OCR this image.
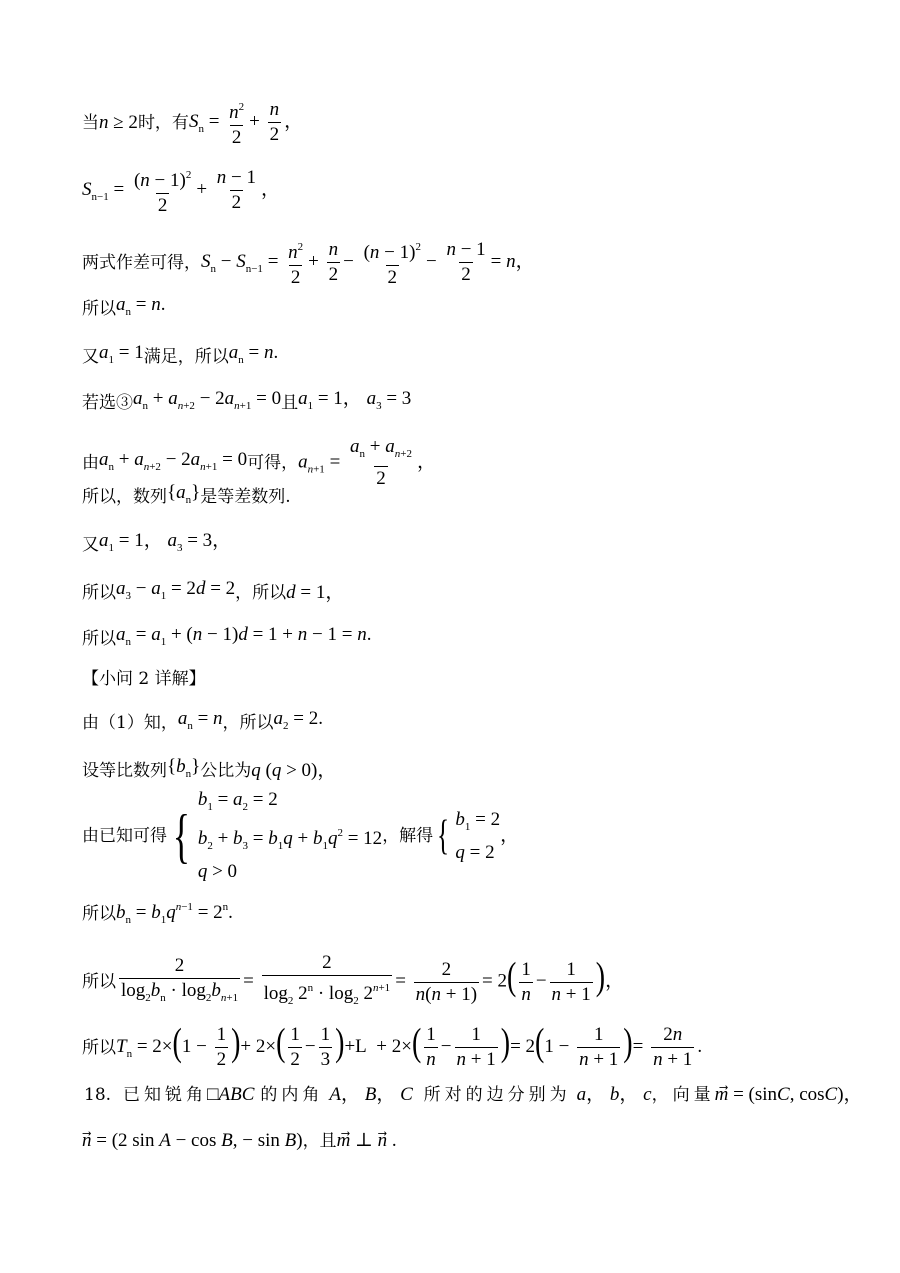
当 n ≥ 2 时，有 $S_n = \frac{n^2}{2} + \frac{n}{2}$ ，
$S_{n-1} = \frac{(n - 1)^2}{2} + \frac{n - 1}{2}$ ，
两式作差可得， $S_n - S_{n-1} = \frac{n^2}{2} + \frac{n}{2} - \frac{(n - 1)^2}{2} - \frac{n - 1}{2} = n$，
所以 $a_n = n$.
又 $a_1 = 1$ 满足，所以 $a_n = n$.
若选③ $a_n + a_{n+2} - 2a_{n+1} = 0$ 且 $a_1 = 1$， $a_3 = 3$
由 $a_n + a_{n+2} - 2a_{n+1} = 0$ 可得， $a_{n+1} = \frac{a_n + a_{n+2}}{2}$ ，
所以，数列 $\{a_n\}$ 是等差数列.
又 $a_1 = 1$， $a_3 = 3$，
所以 $a_3 - a_1 = 2d = 2$ ，所以 d = 1，
所以 $a_n = a_1 + (n - 1)d = 1 + n - 1 = n$.
【小问 2 详解】
由（1）知， $a_n = n$ ，所以 $a_2 = 2$.
设等比数列 $\{b_n\}$ 公比为 q (q > 0)，
由已知可得 {
$b_1 = a_2 = 2$
$b_2 + b_3 = b_1q + b_1q^2 = 12$
q > 0
，解得 { $b_1 = 2$
q = 2
，
所以 $b_n = b_1q^{n-1} = 2^n$.
所以 $\frac{2}{\log_2b_n \cdot \log_2b_{n+1}} = \frac{2}{\log_2 2^n \cdot \log_2 2^{n+1}} = \frac{2}{n(n + 1)} = 2( \frac{1}{n} - \frac{1}{n + 1}$ )，
所以 $T_n = 2\times(1 - \frac{1}{2}$ )+ $2\times( \frac{1}{2} - \frac{1}{3} )+L + 2\times( \frac{1}{n} - \frac{1}{n + 1}$ )= $2(1 - \frac{1}{n + 1}$ )= $\frac{2n}{n + 1}$ .
18. 已知锐角 □ABC 的内角 A， B， C 所对的边分别为 a， b， c ，向量 m⃗ = (sinC, cosC)，
n⃗ = (2 sin A − cos B, − sin B) ，且 m⃗ ⊥ n⃗ .
